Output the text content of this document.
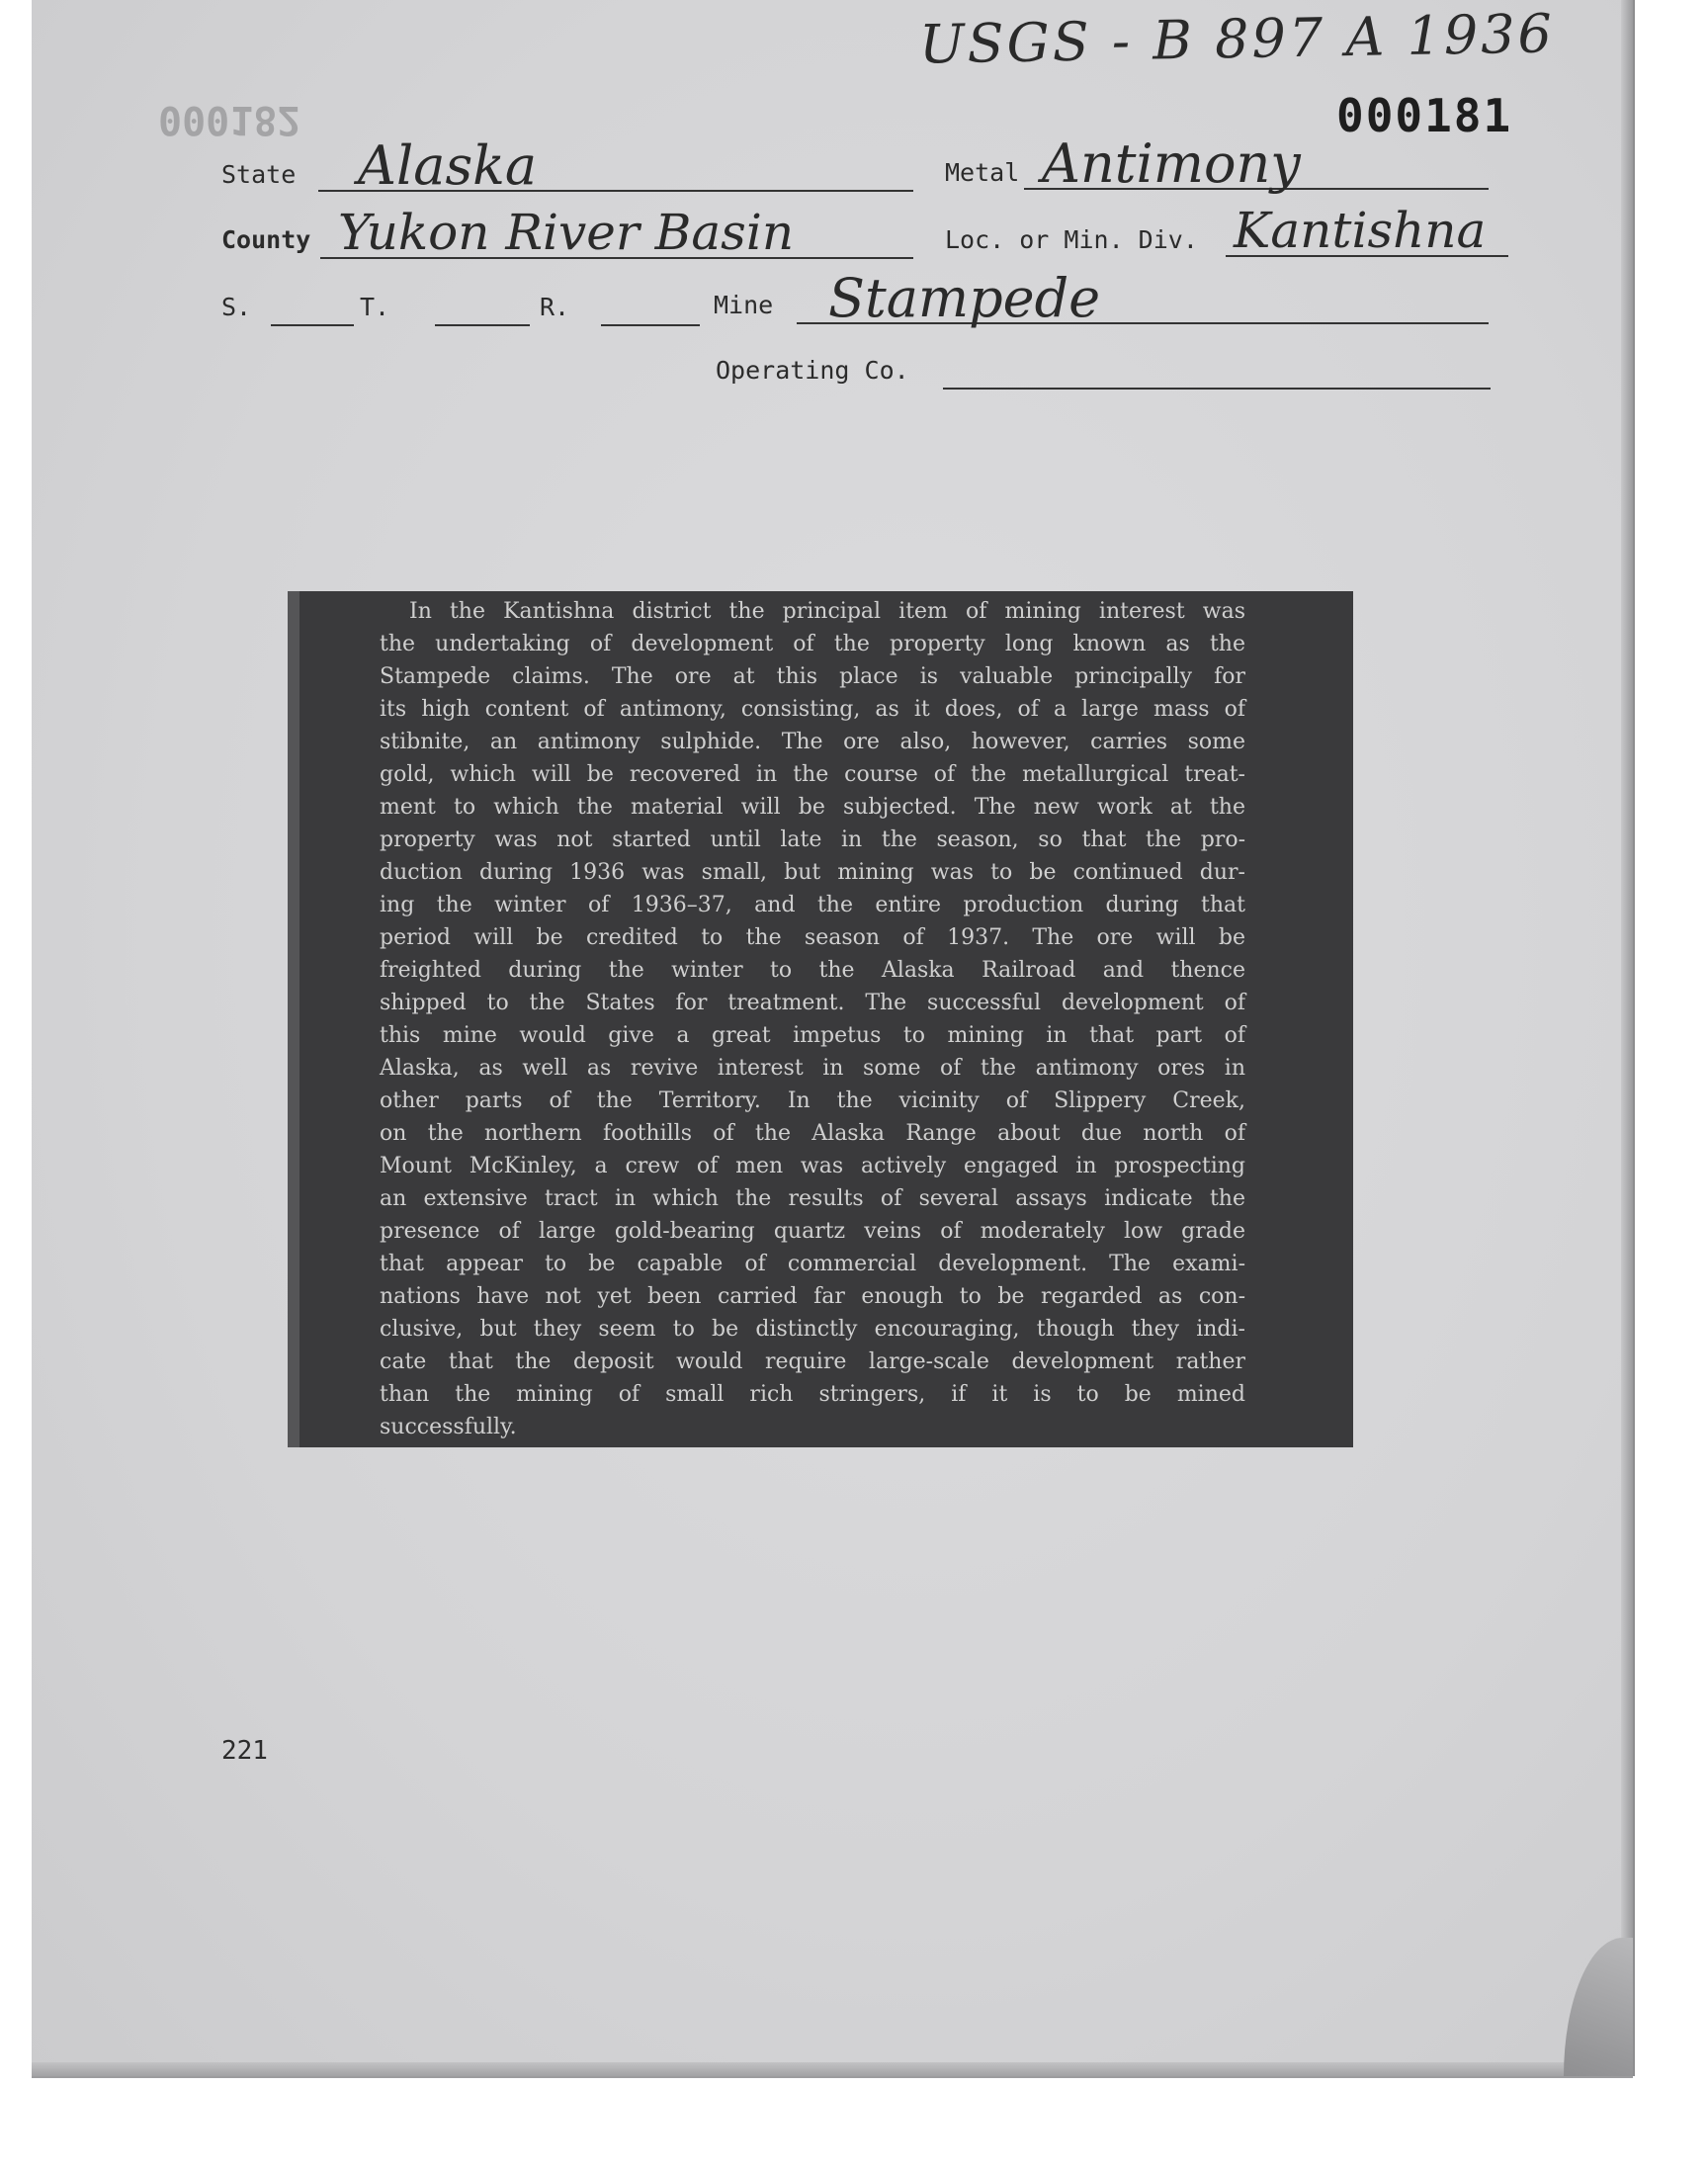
USGS - B 897 A 1936
000182	000181
State Alaska	Metal Antimony
County Yukon River Basin	Loc. or Min. Div. Kantishna
S.	T.	R.	Mine Stampede
Operating Co.
In the Kantishna district the principal item of mining interest was
the undertaking of development of the property long known as the
Stampede claims. The ore at this place is valuable principally for
its high content of antimony, consisting, as it does, of a large mass of
stibnite, an antimony sulphide. The ore also, however, carries some
gold, which will be recovered in the course of the metallurgical treat-
ment to which the material will be subjected. The new work at the
property was not started until late in the season, so that the pro-
duction during 1936 was small, but mining was to be continued dur-
ing the winter of 1936–37, and the entire production during that
period will be credited to the season of 1937. The ore will be
freighted during the winter to the Alaska Railroad and thence
shipped to the States for treatment. The successful development of
this mine would give a great impetus to mining in that part of
Alaska, as well as revive interest in some of the antimony ores in
other parts of the Territory. In the vicinity of Slippery Creek,
on the northern foothills of the Alaska Range about due north of
Mount McKinley, a crew of men was actively engaged in prospecting
an extensive tract in which the results of several assays indicate the
presence of large gold-bearing quartz veins of moderately low grade
that appear to be capable of commercial development. The exami-
nations have not yet been carried far enough to be regarded as con-
clusive, but they seem to be distinctly encouraging, though they indi-
cate that the deposit would require large-scale development rather
than the mining of small rich stringers, if it is to be mined
successfully.
221
